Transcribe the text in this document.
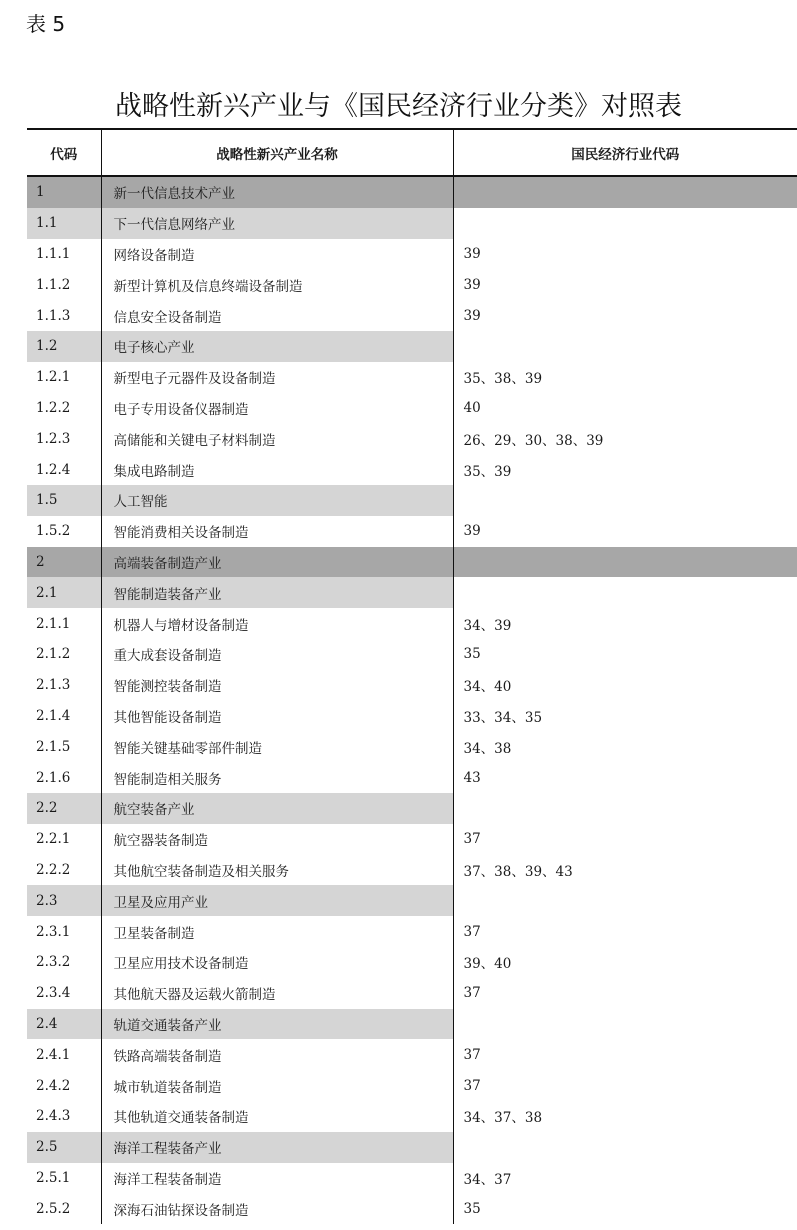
表 5
战略性新兴产业与《国民经济行业分类》对照表
代码	战略性新兴产业名称	国民经济行业代码
1	新一代信息技术产业	
1.1	下一代信息网络产业	
1.1.1	网络设备制造	39
1.1.2	新型计算机及信息终端设备制造	39
1.1.3	信息安全设备制造	39
1.2	电子核心产业	
1.2.1	新型电子元器件及设备制造	35、38、39
1.2.2	电子专用设备仪器制造	40
1.2.3	高储能和关键电子材料制造	26、29、30、38、39
1.2.4	集成电路制造	35、39
1.5	人工智能	
1.5.2	智能消费相关设备制造	39
2	高端装备制造产业	
2.1	智能制造装备产业	
2.1.1	机器人与增材设备制造	34、39
2.1.2	重大成套设备制造	35
2.1.3	智能测控装备制造	34、40
2.1.4	其他智能设备制造	33、34、35
2.1.5	智能关键基础零部件制造	34、38
2.1.6	智能制造相关服务	43
2.2	航空装备产业	
2.2.1	航空器装备制造	37
2.2.2	其他航空装备制造及相关服务	37、38、39、43
2.3	卫星及应用产业	
2.3.1	卫星装备制造	37
2.3.2	卫星应用技术设备制造	39、40
2.3.4	其他航天器及运载火箭制造	37
2.4	轨道交通装备产业	
2.4.1	铁路高端装备制造	37
2.4.2	城市轨道装备制造	37
2.4.3	其他轨道交通装备制造	34、37、38
2.5	海洋工程装备产业	
2.5.1	海洋工程装备制造	34、37
2.5.2	深海石油钻探设备制造	35
